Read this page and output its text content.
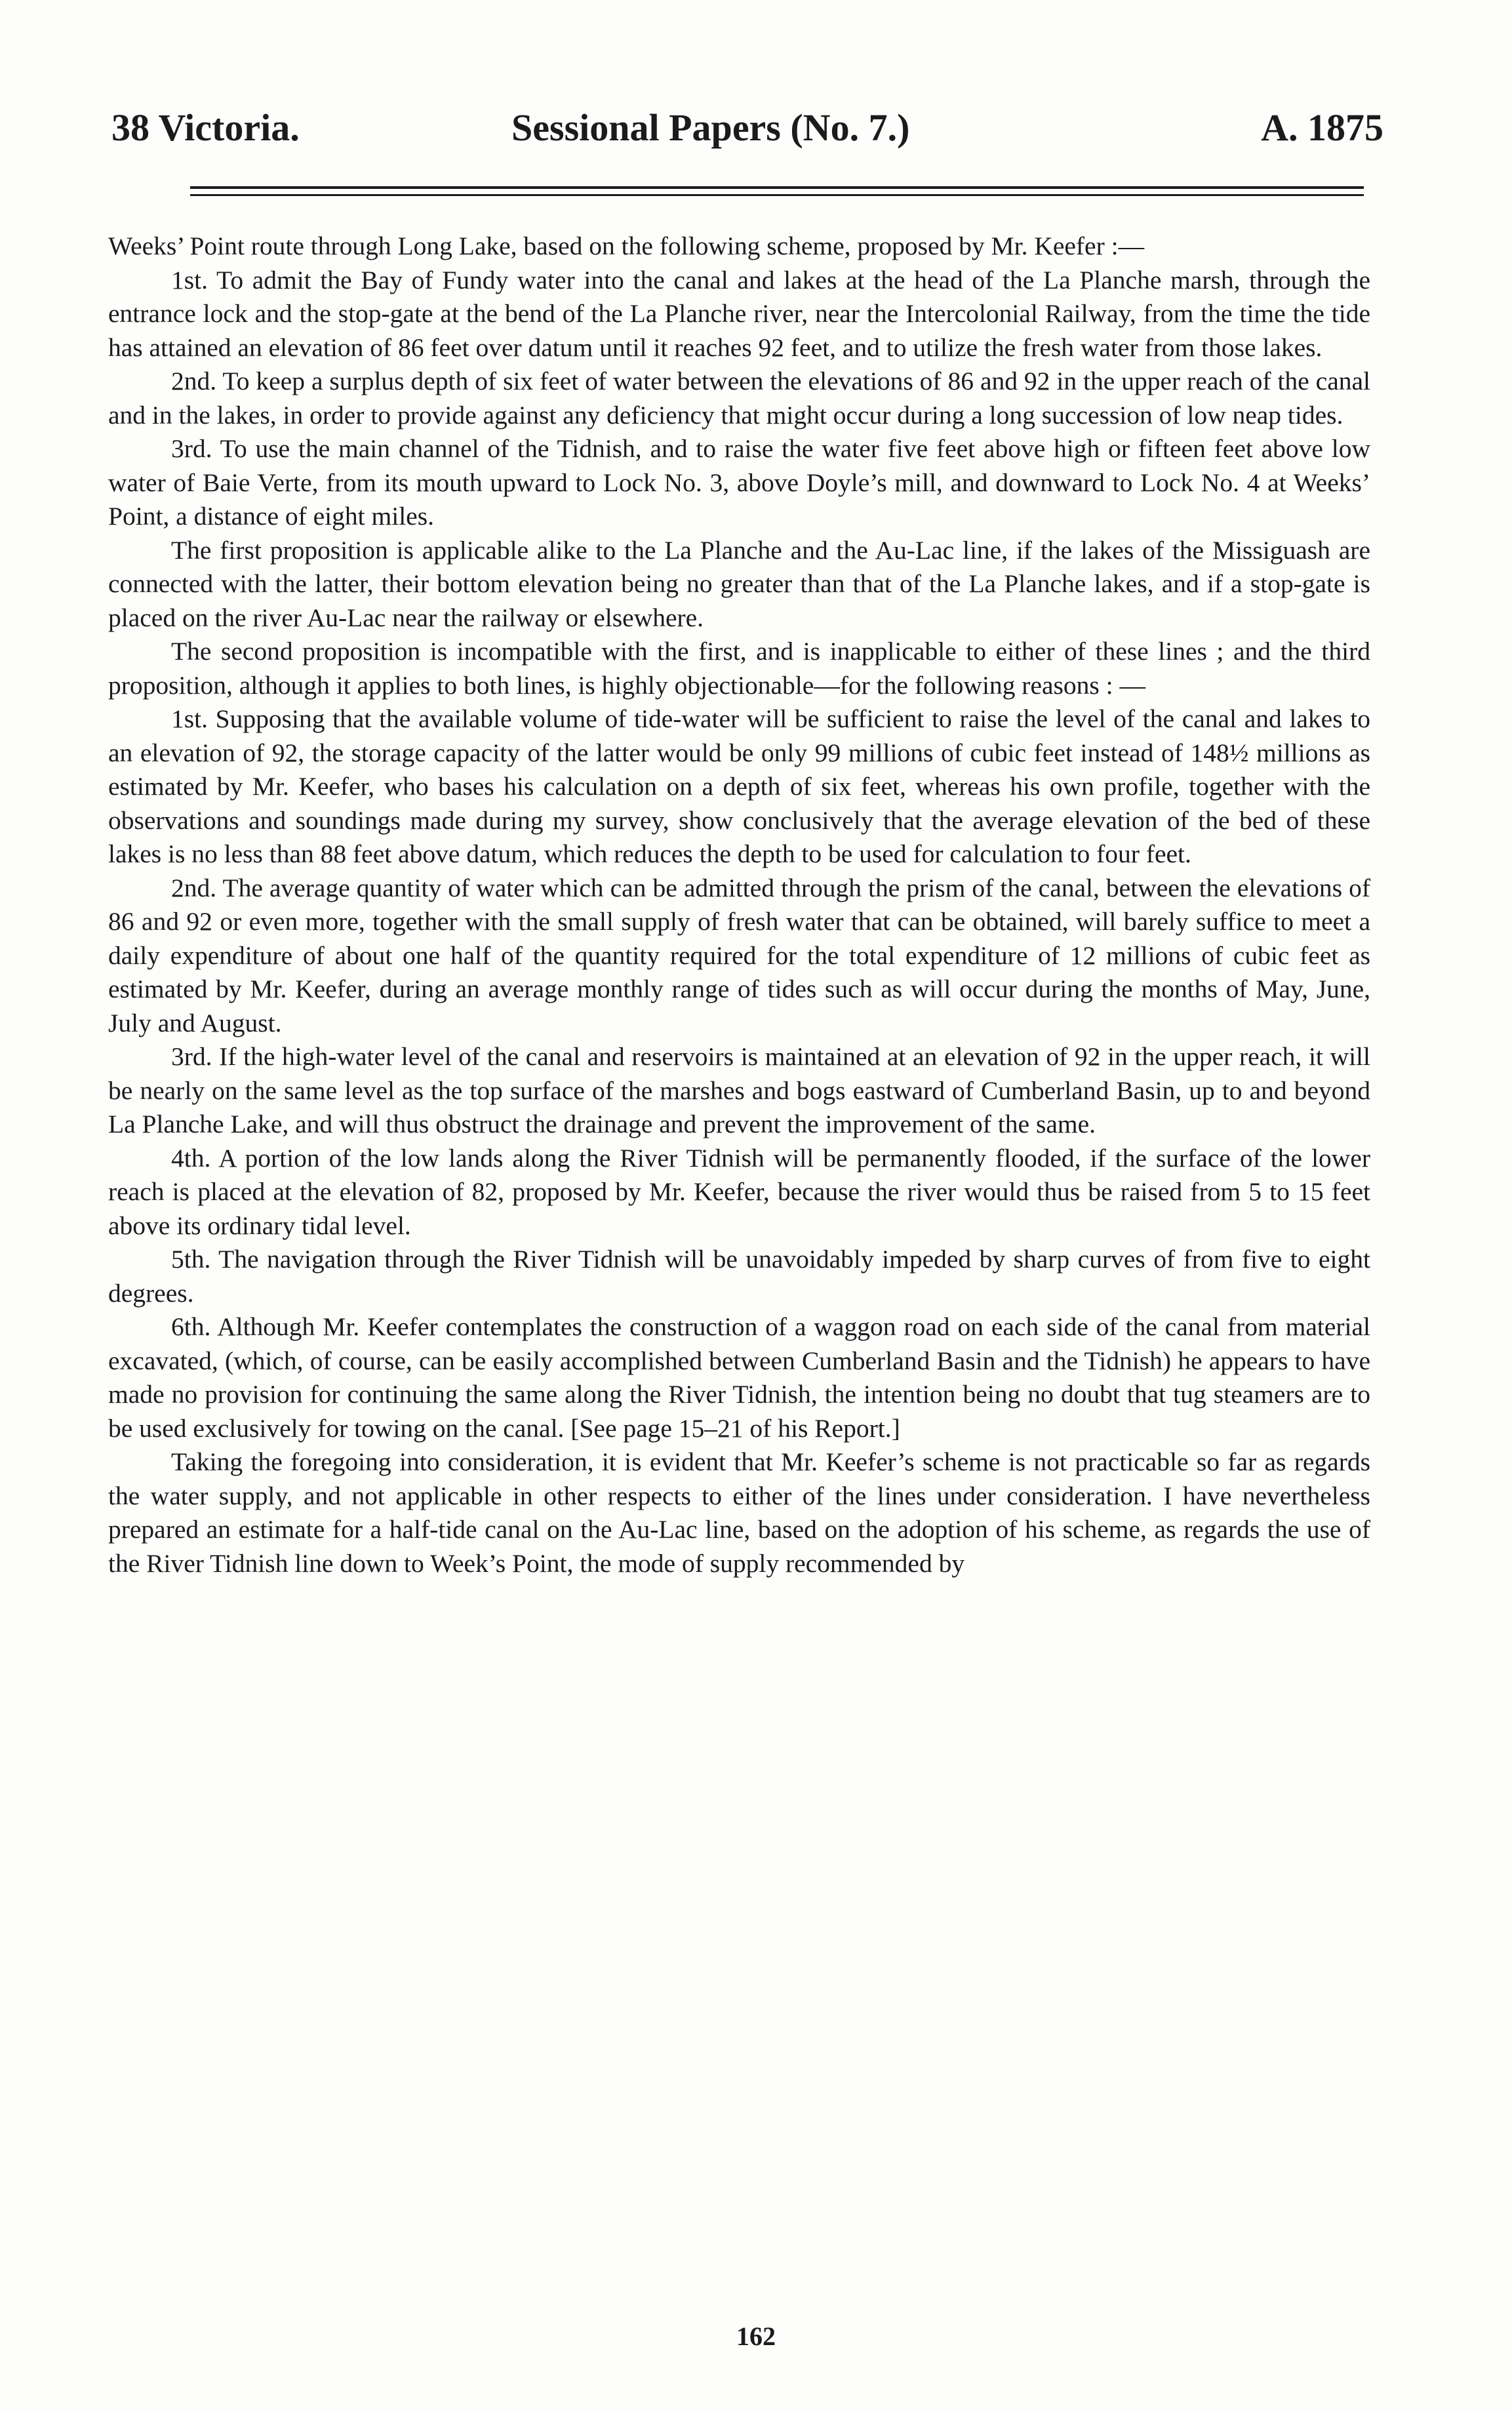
38 Victoria.	Sessional Papers (No. 7.)	A. 1875

Weeks’ Point route through Long Lake, based on the following scheme, proposed by Mr. Keefer :—

1st. To admit the Bay of Fundy water into the canal and lakes at the head of the La Planche marsh, through the entrance lock and the stop-gate at the bend of the La Planche river, near the Intercolonial Railway, from the time the tide has attained an elevation of 86 feet over datum until it reaches 92 feet, and to utilize the fresh water from those lakes.

2nd. To keep a surplus depth of six feet of water between the elevations of 86 and 92 in the upper reach of the canal and in the lakes, in order to provide against any deficiency that might occur during a long succession of low neap tides.

3rd. To use the main channel of the Tidnish, and to raise the water five feet above high or fifteen feet above low water of Baie Verte, from its mouth upward to Lock No. 3, above Doyle’s mill, and downward to Lock No. 4 at Weeks’ Point, a distance of eight miles.

The first proposition is applicable alike to the La Planche and the Au-Lac line, if the lakes of the Missiguash are connected with the latter, their bottom elevation being no greater than that of the La Planche lakes, and if a stop-gate is placed on the river Au-Lac near the railway or elsewhere.

The second proposition is incompatible with the first, and is inapplicable to either of these lines ; and the third proposition, although it applies to both lines, is highly objectionable—for the following reasons : —

1st. Supposing that the available volume of tide-water will be sufficient to raise the level of the canal and lakes to an elevation of 92, the storage capacity of the latter would be only 99 millions of cubic feet instead of 148½ millions as estimated by Mr. Keefer, who bases his calculation on a depth of six feet, whereas his own profile, together with the observations and soundings made during my survey, show conclusively that the average elevation of the bed of these lakes is no less than 88 feet above datum, which reduces the depth to be used for calculation to four feet.

2nd. The average quantity of water which can be admitted through the prism of the canal, between the elevations of 86 and 92 or even more, together with the small supply of fresh water that can be obtained, will barely suffice to meet a daily expenditure of about one half of the quantity required for the total expenditure of 12 millions of cubic feet as estimated by Mr. Keefer, during an average monthly range of tides such as will occur during the months of May, June, July and August.

3rd. If the high-water level of the canal and reservoirs is maintained at an elevation of 92 in the upper reach, it will be nearly on the same level as the top surface of the marshes and bogs eastward of Cumberland Basin, up to and beyond La Planche Lake, and will thus obstruct the drainage and prevent the improvement of the same.

4th. A portion of the low lands along the River Tidnish will be permanently flooded, if the surface of the lower reach is placed at the elevation of 82, proposed by Mr. Keefer, because the river would thus be raised from 5 to 15 feet above its ordinary tidal level.

5th. The navigation through the River Tidnish will be unavoidably impeded by sharp curves of from five to eight degrees.

6th. Although Mr. Keefer contemplates the construction of a waggon road on each side of the canal from material excavated, (which, of course, can be easily accomplished between Cumberland Basin and the Tidnish) he appears to have made no provision for continuing the same along the River Tidnish, the intention being no doubt that tug steamers are to be used exclusively for towing on the canal. [See page 15–21 of his Report.]

Taking the foregoing into consideration, it is evident that Mr. Keefer’s scheme is not practicable so far as regards the water supply, and not applicable in other respects to either of the lines under consideration. I have nevertheless prepared an estimate for a half-tide canal on the Au-Lac line, based on the adoption of his scheme, as regards the use of the River Tidnish line down to Week’s Point, the mode of supply recommended by

162
